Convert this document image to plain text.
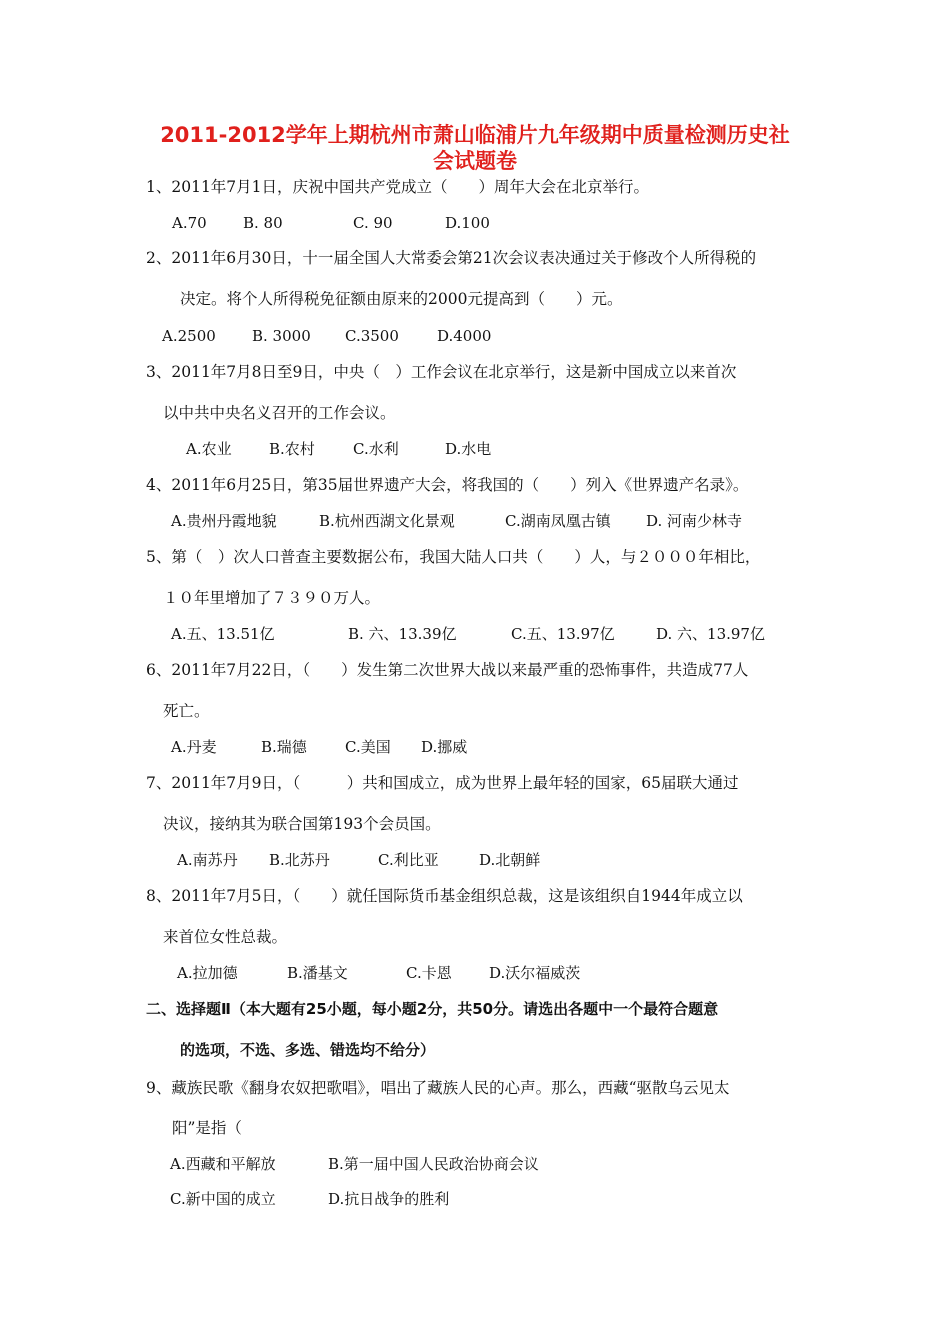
2011-2012学年上期杭州市萧山临浦片九年级期中质量检测历史社
会试题卷
1、2011年7月1日，庆祝中国共产党成立（　　）周年大会在北京举行。
A.70 B. 80	C. 90	D.100
2、2011年6月30日，十一届全国人大常委会第21次会议表决通过关于修改个人所得税的
决定。将个人所得税免征额由原来的2000元提高到（　　）元。
A.2500 B. 3000 C.3500	D.4000
3、2011年7月8日至9日，中央（　）工作会议在北京举行，这是新中国成立以来首次
以中共中央名义召开的工作会议。
A.农业 B.农村	C.水利	D.水电
4、2011年6月25日，第35届世界遗产大会，将我国的（　　）列入《世界遗产名录》。
A.贵州丹霞地貌	B.杭州西湖文化景观	C.湖南凤凰古镇 D. 河南少林寺
5、第（　）次人口普查主要数据公布，我国大陆人口共（　　）人，与２０００年相比，
１０年里增加了７３９０万人。
A.五、13.51亿	B. 六、13.39亿	C.五、13.97亿	D. 六、13.97亿
6、2011年7月22日，（　　）发生第二次世界大战以来最严重的恐怖事件，共造成77人
死亡。
A.丹麦	B.瑞德	C.美国 D.挪威
7、2011年7月9日，（　　　）共和国成立，成为世界上最年轻的国家，65届联大通过
决议，接纳其为联合国第193个会员国。
A.南苏丹 B.北苏丹	C.利比亚	D.北朝鲜
8、2011年7月5日，（　　）就任国际货币基金组织总裁，这是该组织自1944年成立以
来首位女性总裁。
A.拉加德	B.潘基文	C.卡恩 D.沃尔福威茨
二、选择题Ⅱ（本大题有25小题，每小题2分，共50分。请选出各题中一个最符合题意
的选项，不选、多选、错选均不给分）
9、藏族民歌《翻身农奴把歌唱》，唱出了藏族人民的心声。那么，西藏“驱散乌云见太
阳”是指（
A.西藏和平解放	B.第一届中国人民政治协商会议
C.新中国的成立	D.抗日战争的胜利
